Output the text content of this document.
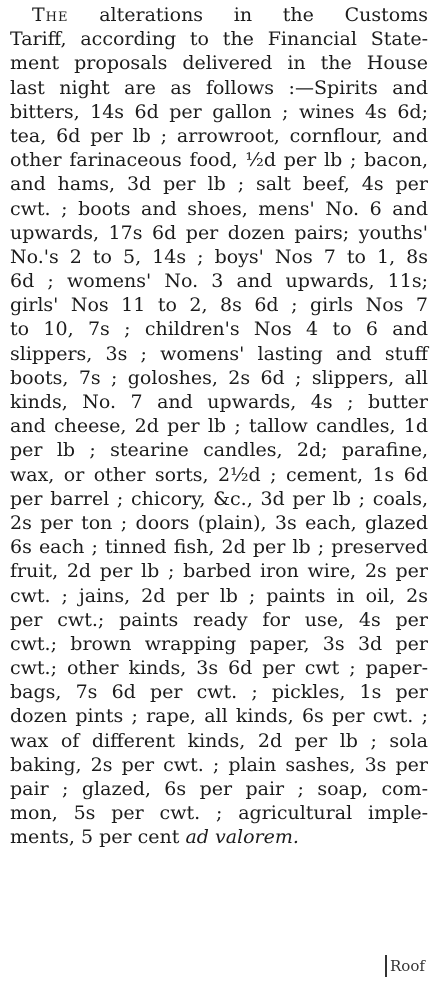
The alterations in the Customs
Tariff, according to the Financial State-
ment proposals delivered in the House
last night are as follows :—Spirits and
bitters, 14s 6d per gallon ; wines 4s 6d;
tea, 6d per lb ; arrowroot, cornflour, and
other farinaceous food, ½d per lb ; bacon,
and hams, 3d per lb ; salt beef, 4s per
cwt. ; boots and shoes, mens' No. 6 and
upwards, 17s 6d per dozen pairs; youths'
No.'s 2 to 5, 14s ; boys' Nos 7 to 1, 8s
6d ; womens' No. 3 and upwards, 11s;
girls' Nos 11 to 2, 8s 6d ; girls Nos 7
to 10, 7s ; children's Nos 4 to 6 and
slippers, 3s ; womens' lasting and stuff
boots, 7s ; goloshes, 2s 6d ; slippers, all
kinds, No. 7 and upwards, 4s ; butter
and cheese, 2d per lb ; tallow candles, 1d
per lb ; stearine candles, 2d; parafine,
wax, or other sorts, 2½d ; cement, 1s 6d
per barrel ; chicory, &c., 3d per lb ; coals,
2s per ton ; doors (plain), 3s each, glazed
6s each ; tinned fish, 2d per lb ; preserved
fruit, 2d per lb ; barbed iron wire, 2s per
cwt. ; jains, 2d per lb ; paints in oil, 2s
per cwt.; paints ready for use, 4s per
cwt.; brown wrapping paper, 3s 3d per
cwt.; other kinds, 3s 6d per cwt ; paper-
bags, 7s 6d per cwt. ; pickles, 1s per
dozen pints ; rape, all kinds, 6s per cwt. ;
wax of different kinds, 2d per lb ; sola
baking, 2s per cwt. ; plain sashes, 3s per
pair ; glazed, 6s per pair ; soap, com-
mon, 5s per cwt. ; agricultural imple-
ments, 5 per cent ad valorem.
Roof
